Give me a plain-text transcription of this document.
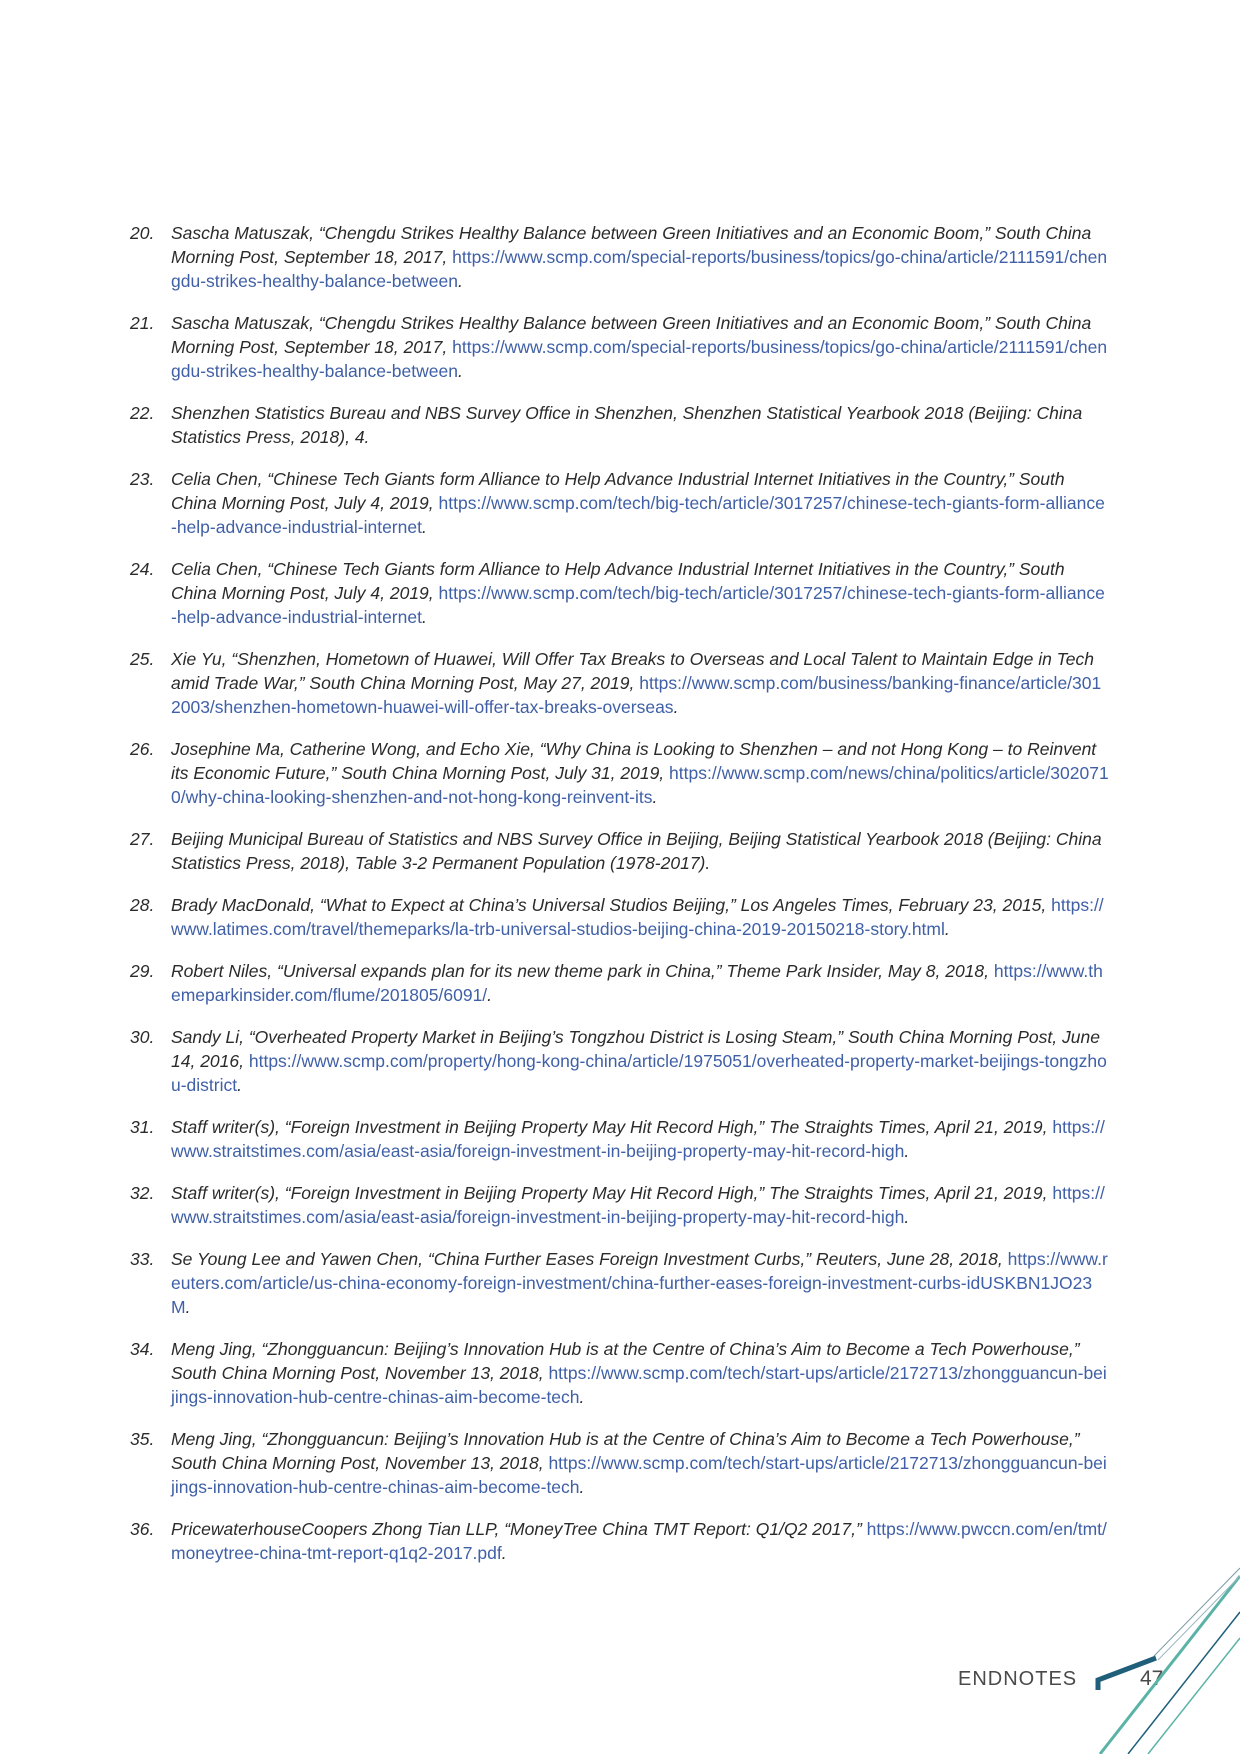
20. Sascha Matuszak, “Chengdu Strikes Healthy Balance between Green Initiatives and an Economic Boom,” South China Morning Post, September 18, 2017, https://www.scmp.com/special-reports/business/topics/go-china/article/2111591/chengdu-strikes-healthy-balance-between.
21. Sascha Matuszak, “Chengdu Strikes Healthy Balance between Green Initiatives and an Economic Boom,” South China Morning Post, September 18, 2017, https://www.scmp.com/special-reports/business/topics/go-china/article/2111591/chengdu-strikes-healthy-balance-between.
22. Shenzhen Statistics Bureau and NBS Survey Office in Shenzhen, Shenzhen Statistical Yearbook 2018 (Beijing: China Statistics Press, 2018), 4.
23. Celia Chen, “Chinese Tech Giants form Alliance to Help Advance Industrial Internet Initiatives in the Country,” South China Morning Post, July 4, 2019, https://www.scmp.com/tech/big-tech/article/3017257/chinese-tech-giants-form-alliance-help-advance-industrial-internet.
24. Celia Chen, “Chinese Tech Giants form Alliance to Help Advance Industrial Internet Initiatives in the Country,” South China Morning Post, July 4, 2019, https://www.scmp.com/tech/big-tech/article/3017257/chinese-tech-giants-form-alliance-help-advance-industrial-internet.
25. Xie Yu, “Shenzhen, Hometown of Huawei, Will Offer Tax Breaks to Overseas and Local Talent to Maintain Edge in Tech amid Trade War,” South China Morning Post, May 27, 2019, https://www.scmp.com/business/banking-finance/article/3012003/shenzhen-hometown-huawei-will-offer-tax-breaks-overseas.
26. Josephine Ma, Catherine Wong, and Echo Xie, “Why China is Looking to Shenzhen – and not Hong Kong – to Reinvent its Economic Future,” South China Morning Post, July 31, 2019, https://www.scmp.com/news/china/politics/article/3020710/why-china-looking-shenzhen-and-not-hong-kong-reinvent-its.
27. Beijing Municipal Bureau of Statistics and NBS Survey Office in Beijing, Beijing Statistical Yearbook 2018 (Beijing: China Statistics Press, 2018), Table 3-2 Permanent Population (1978-2017).
28. Brady MacDonald, “What to Expect at China’s Universal Studios Beijing,” Los Angeles Times, February 23, 2015, https://www.latimes.com/travel/themeparks/la-trb-universal-studios-beijing-china-2019-20150218-story.html.
29. Robert Niles, “Universal expands plan for its new theme park in China,” Theme Park Insider, May 8, 2018, https://www.themeparkinsider.com/flume/201805/6091/.
30. Sandy Li, “Overheated Property Market in Beijing’s Tongzhou District is Losing Steam,” South China Morning Post, June 14, 2016, https://www.scmp.com/property/hong-kong-china/article/1975051/overheated-property-market-beijings-tongzhou-district.
31. Staff writer(s), “Foreign Investment in Beijing Property May Hit Record High,” The Straights Times, April 21, 2019, https://www.straitstimes.com/asia/east-asia/foreign-investment-in-beijing-property-may-hit-record-high.
32. Staff writer(s), “Foreign Investment in Beijing Property May Hit Record High,” The Straights Times, April 21, 2019, https://www.straitstimes.com/asia/east-asia/foreign-investment-in-beijing-property-may-hit-record-high.
33. Se Young Lee and Yawen Chen, “China Further Eases Foreign Investment Curbs,” Reuters, June 28, 2018, https://www.reuters.com/article/us-china-economy-foreign-investment/china-further-eases-foreign-investment-curbs-idUSKBN1JO23M.
34. Meng Jing, “Zhongguancun: Beijing’s Innovation Hub is at the Centre of China’s Aim to Become a Tech Powerhouse,” South China Morning Post, November 13, 2018, https://www.scmp.com/tech/start-ups/article/2172713/zhongguancun-beijings-innovation-hub-centre-chinas-aim-become-tech.
35. Meng Jing, “Zhongguancun: Beijing’s Innovation Hub is at the Centre of China’s Aim to Become a Tech Powerhouse,” South China Morning Post, November 13, 2018, https://www.scmp.com/tech/start-ups/article/2172713/zhongguancun-beijings-innovation-hub-centre-chinas-aim-become-tech.
36. PricewaterhouseCoopers Zhong Tian LLP, “MoneyTree China TMT Report: Q1/Q2 2017,” https://www.pwccn.com/en/tmt/moneytree-china-tmt-report-q1q2-2017.pdf.
ENDNOTES	47
